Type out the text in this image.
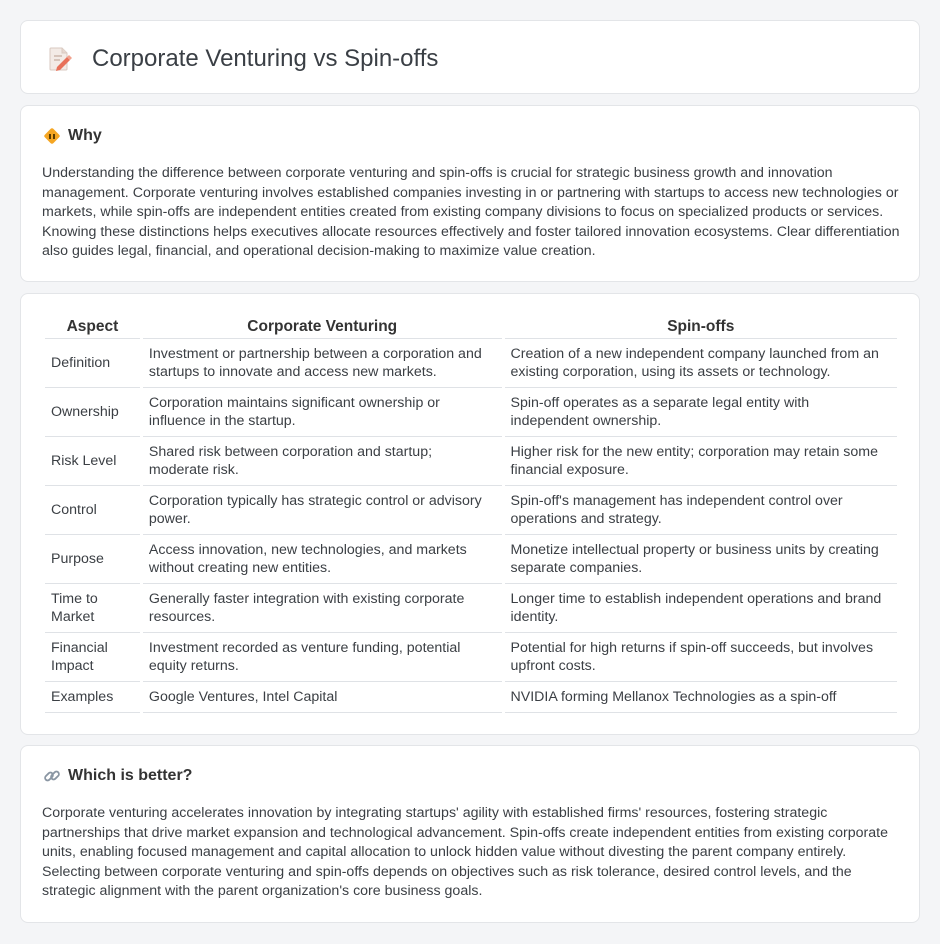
Corporate Venturing vs Spin-offs
Why
Understanding the difference between corporate venturing and spin-offs is crucial for strategic business growth and innovation management. Corporate venturing involves established companies investing in or partnering with startups to access new technologies or markets, while spin-offs are independent entities created from existing company divisions to focus on specialized products or services. Knowing these distinctions helps executives allocate resources effectively and foster tailored innovation ecosystems. Clear differentiation also guides legal, financial, and operational decision-making to maximize value creation.
Aspect	Corporate Venturing	Spin-offs
Definition	Investment or partnership between a corporation and startups to innovate and access new markets.	Creation of a new independent company launched from an existing corporation, using its assets or technology.
Ownership	Corporation maintains significant ownership or influence in the startup.	Spin-off operates as a separate legal entity with independent ownership.
Risk Level	Shared risk between corporation and startup; moderate risk.	Higher risk for the new entity; corporation may retain some financial exposure.
Control	Corporation typically has strategic control or advisory power.	Spin-off's management has independent control over operations and strategy.
Purpose	Access innovation, new technologies, and markets without creating new entities.	Monetize intellectual property or business units by creating separate companies.
Time to Market	Generally faster integration with existing corporate resources.	Longer time to establish independent operations and brand identity.
Financial Impact	Investment recorded as venture funding, potential equity returns.	Potential for high returns if spin-off succeeds, but involves upfront costs.
Examples	Google Ventures, Intel Capital	NVIDIA forming Mellanox Technologies as a spin-off
Which is better?
Corporate venturing accelerates innovation by integrating startups' agility with established firms' resources, fostering strategic partnerships that drive market expansion and technological advancement. Spin-offs create independent entities from existing corporate units, enabling focused management and capital allocation to unlock hidden value without divesting the parent company entirely. Selecting between corporate venturing and spin-offs depends on objectives such as risk tolerance, desired control levels, and the strategic alignment with the parent organization's core business goals.
